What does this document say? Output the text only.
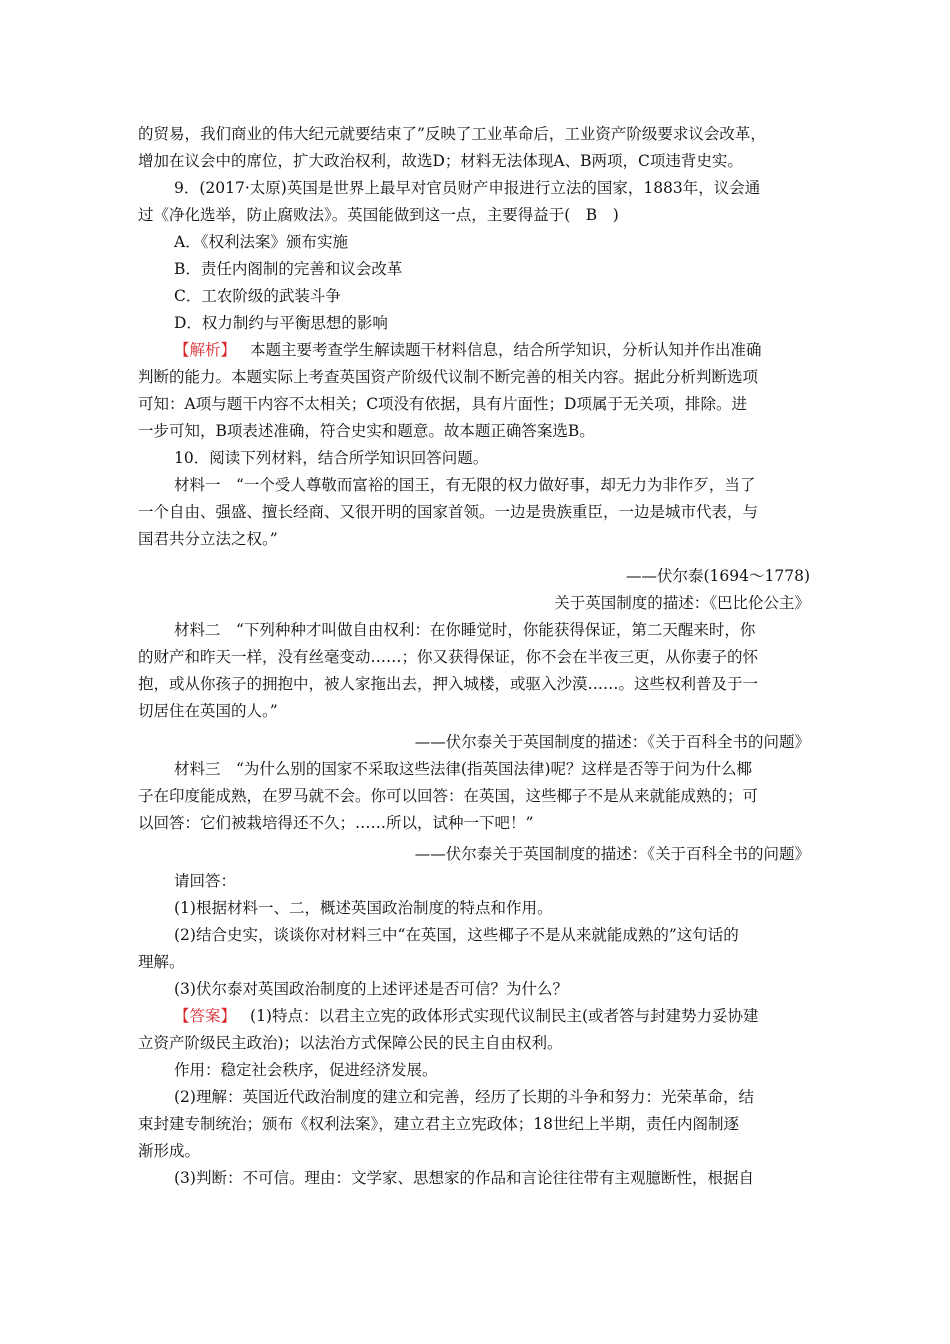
的贸易，我们商业的伟大纪元就要结束了”反映了工业革命后，工业资产阶级要求议会改革，
增加在议会中的席位，扩大政治权利，故选D；材料无法体现A、B两项，C项违背史实。
9．(2017·太原)英国是世界上最早对官员财产申报进行立法的国家，1883年，议会通
过《净化选举，防止腐败法》。英国能做到这一点，主要得益于(　B　)
A．《权利法案》颁布实施
B．责任内阁制的完善和议会改革
C．工农阶级的武装斗争
D．权力制约与平衡思想的影响
【解析】 本题主要考查学生解读题干材料信息，结合所学知识，分析认知并作出准确
判断的能力。本题实际上考查英国资产阶级代议制不断完善的相关内容。据此分析判断选项
可知：A项与题干内容不太相关；C项没有依据，具有片面性；D项属于无关项，排除。进
一步可知，B项表述准确，符合史实和题意。故本题正确答案选B。
10．阅读下列材料，结合所学知识回答问题。
材料一　“一个受人尊敬而富裕的国王，有无限的权力做好事，却无力为非作歹，当了
一个自由、强盛、擅长经商、又很开明的国家首领。一边是贵族重臣，一边是城市代表，与
国君共分立法之权。”
——伏尔泰(1694～1778)
关于英国制度的描述：《巴比伦公主》
材料二　“下列种种才叫做自由权利：在你睡觉时，你能获得保证，第二天醒来时，你
的财产和昨天一样，没有丝毫变动……；你又获得保证，你不会在半夜三更，从你妻子的怀
抱，或从你孩子的拥抱中，被人家拖出去，押入城楼，或驱入沙漠……。这些权利普及于一
切居住在英国的人。”
——伏尔泰关于英国制度的描述：《关于百科全书的问题》
材料三　“为什么别的国家不采取这些法律(指英国法律)呢？这样是否等于问为什么椰
子在印度能成熟，在罗马就不会。你可以回答：在英国，这些椰子不是从来就能成熟的；可
以回答：它们被栽培得还不久；……所以，试种一下吧！”
——伏尔泰关于英国制度的描述：《关于百科全书的问题》
请回答：
(1)根据材料一、二，概述英国政治制度的特点和作用。
(2)结合史实，谈谈你对材料三中“在英国，这些椰子不是从来就能成熟的”这句话的
理解。
(3)伏尔泰对英国政治制度的上述评述是否可信？为什么？
【答案】 (1)特点：以君主立宪的政体形式实现代议制民主(或者答与封建势力妥协建
立资产阶级民主政治)；以法治方式保障公民的民主自由权利。
作用：稳定社会秩序，促进经济发展。
(2)理解：英国近代政治制度的建立和完善，经历了长期的斗争和努力：光荣革命，结
束封建专制统治；颁布《权利法案》，建立君主立宪政体；18世纪上半期，责任内阁制逐
渐形成。
(3)判断：不可信。理由：文学家、思想家的作品和言论往往带有主观臆断性，根据自
